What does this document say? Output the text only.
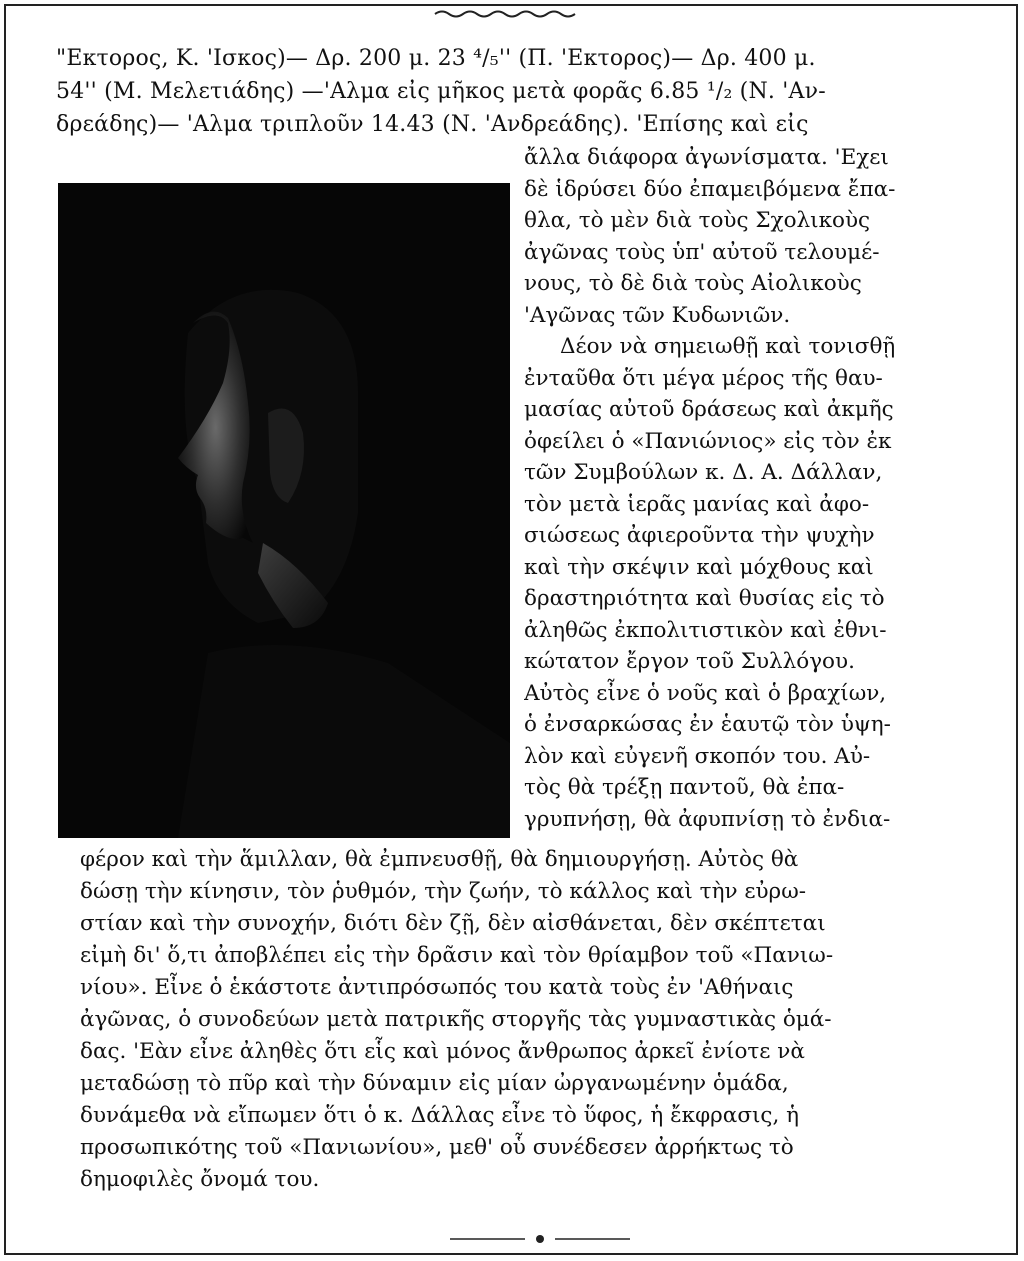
"Εκτορος, Κ. 'Ισκος)— Δρ. 200 μ. 23 ⁴/₅'' (Π. 'Εκτορος)— Δρ. 400 μ.
54'' (Μ. Μελετιάδης) —'Αλμα εἰς μῆκος μετὰ φορᾶς 6.85 ¹/₂ (Ν. 'Αν-
δρεάδης)— 'Αλμα τριπλοῦν 14.43 (Ν. 'Ανδρεάδης). 'Επίσης καὶ εἰς
ἄλλα διάφορα ἀγωνίσματα. 'Εχει
δὲ ἱδρύσει δύο ἐπαμειβόμενα ἔπα-
θλα, τὸ μὲν διὰ τοὺς Σχολικοὺς
ἀγῶνας τοὺς ὑπ' αὐτοῦ τελουμέ-
νους, τὸ δὲ διὰ τοὺς Αἰολικοὺς
'Αγῶνας τῶν Κυδωνιῶν.
Δέον νὰ σημειωθῇ καὶ τονισθῇ
ἐνταῦθα ὅτι μέγα μέρος τῆς θαυ-
μασίας αὐτοῦ δράσεως καὶ ἀκμῆς
ὀφείλει ὁ «Πανιώνιος» εἰς τὸν ἐκ
τῶν Συμβούλων κ. Δ. Α. Δάλλαν,
τὸν μετὰ ἱερᾶς μανίας καὶ ἀφο-
σιώσεως ἀφιεροῦντα τὴν ψυχὴν
καὶ τὴν σκέψιν καὶ μόχθους καὶ
δραστηριότητα καὶ θυσίας εἰς τὸ
ἀληθῶς ἐκπολιτιστικὸν καὶ ἐθνι-
κώτατον ἔργον τοῦ Συλλόγου.
Αὐτὸς εἶνε ὁ νοῦς καὶ ὁ βραχίων,
ὁ ἐνσαρκώσας ἐν ἑαυτῷ τὸν ὑψη-
λὸν καὶ εὐγενῆ σκοπόν του. Αὐ-
τὸς θὰ τρέξῃ παντοῦ, θὰ ἐπα-
γρυπνήσῃ, θὰ ἀφυπνίσῃ τὸ ἐνδια-
φέρον καὶ τὴν ἅμιλλαν, θὰ ἐμπνευσθῇ, θὰ δημιουργήσῃ. Αὐτὸς θὰ
δώσῃ τὴν κίνησιν, τὸν ῥυθμόν, τὴν ζωήν, τὸ κάλλος καὶ τὴν εὐρω-
στίαν καὶ τὴν συνοχήν, διότι δὲν ζῇ, δὲν αἰσθάνεται, δὲν σκέπτεται
εἰμὴ δι' ὅ,τι ἀποβλέπει εἰς τὴν δρᾶσιν καὶ τὸν θρίαμβον τοῦ «Πανιω-
νίου». Εἶνε ὁ ἑκάστοτε ἀντιπρόσωπός του κατὰ τοὺς ἐν 'Αθήναις
ἀγῶνας, ὁ συνοδεύων μετὰ πατρικῆς στοργῆς τὰς γυμναστικὰς ὁμά-
δας. 'Εὰν εἶνε ἀληθὲς ὅτι εἷς καὶ μόνος ἄνθρωπος ἀρκεῖ ἐνίοτε νὰ
μεταδώσῃ τὸ πῦρ καὶ τὴν δύναμιν εἰς μίαν ὠργανωμένην ὁμάδα,
δυνάμεθα νὰ εἴπωμεν ὅτι ὁ κ. Δάλλας εἶνε τὸ ὕφος, ἡ ἔκφρασις, ἡ
προσωπικότης τοῦ «Πανιωνίου», μεθ' οὗ συνέδεσεν ἀρρήκτως τὸ
δημοφιλὲς ὄνομά του.
